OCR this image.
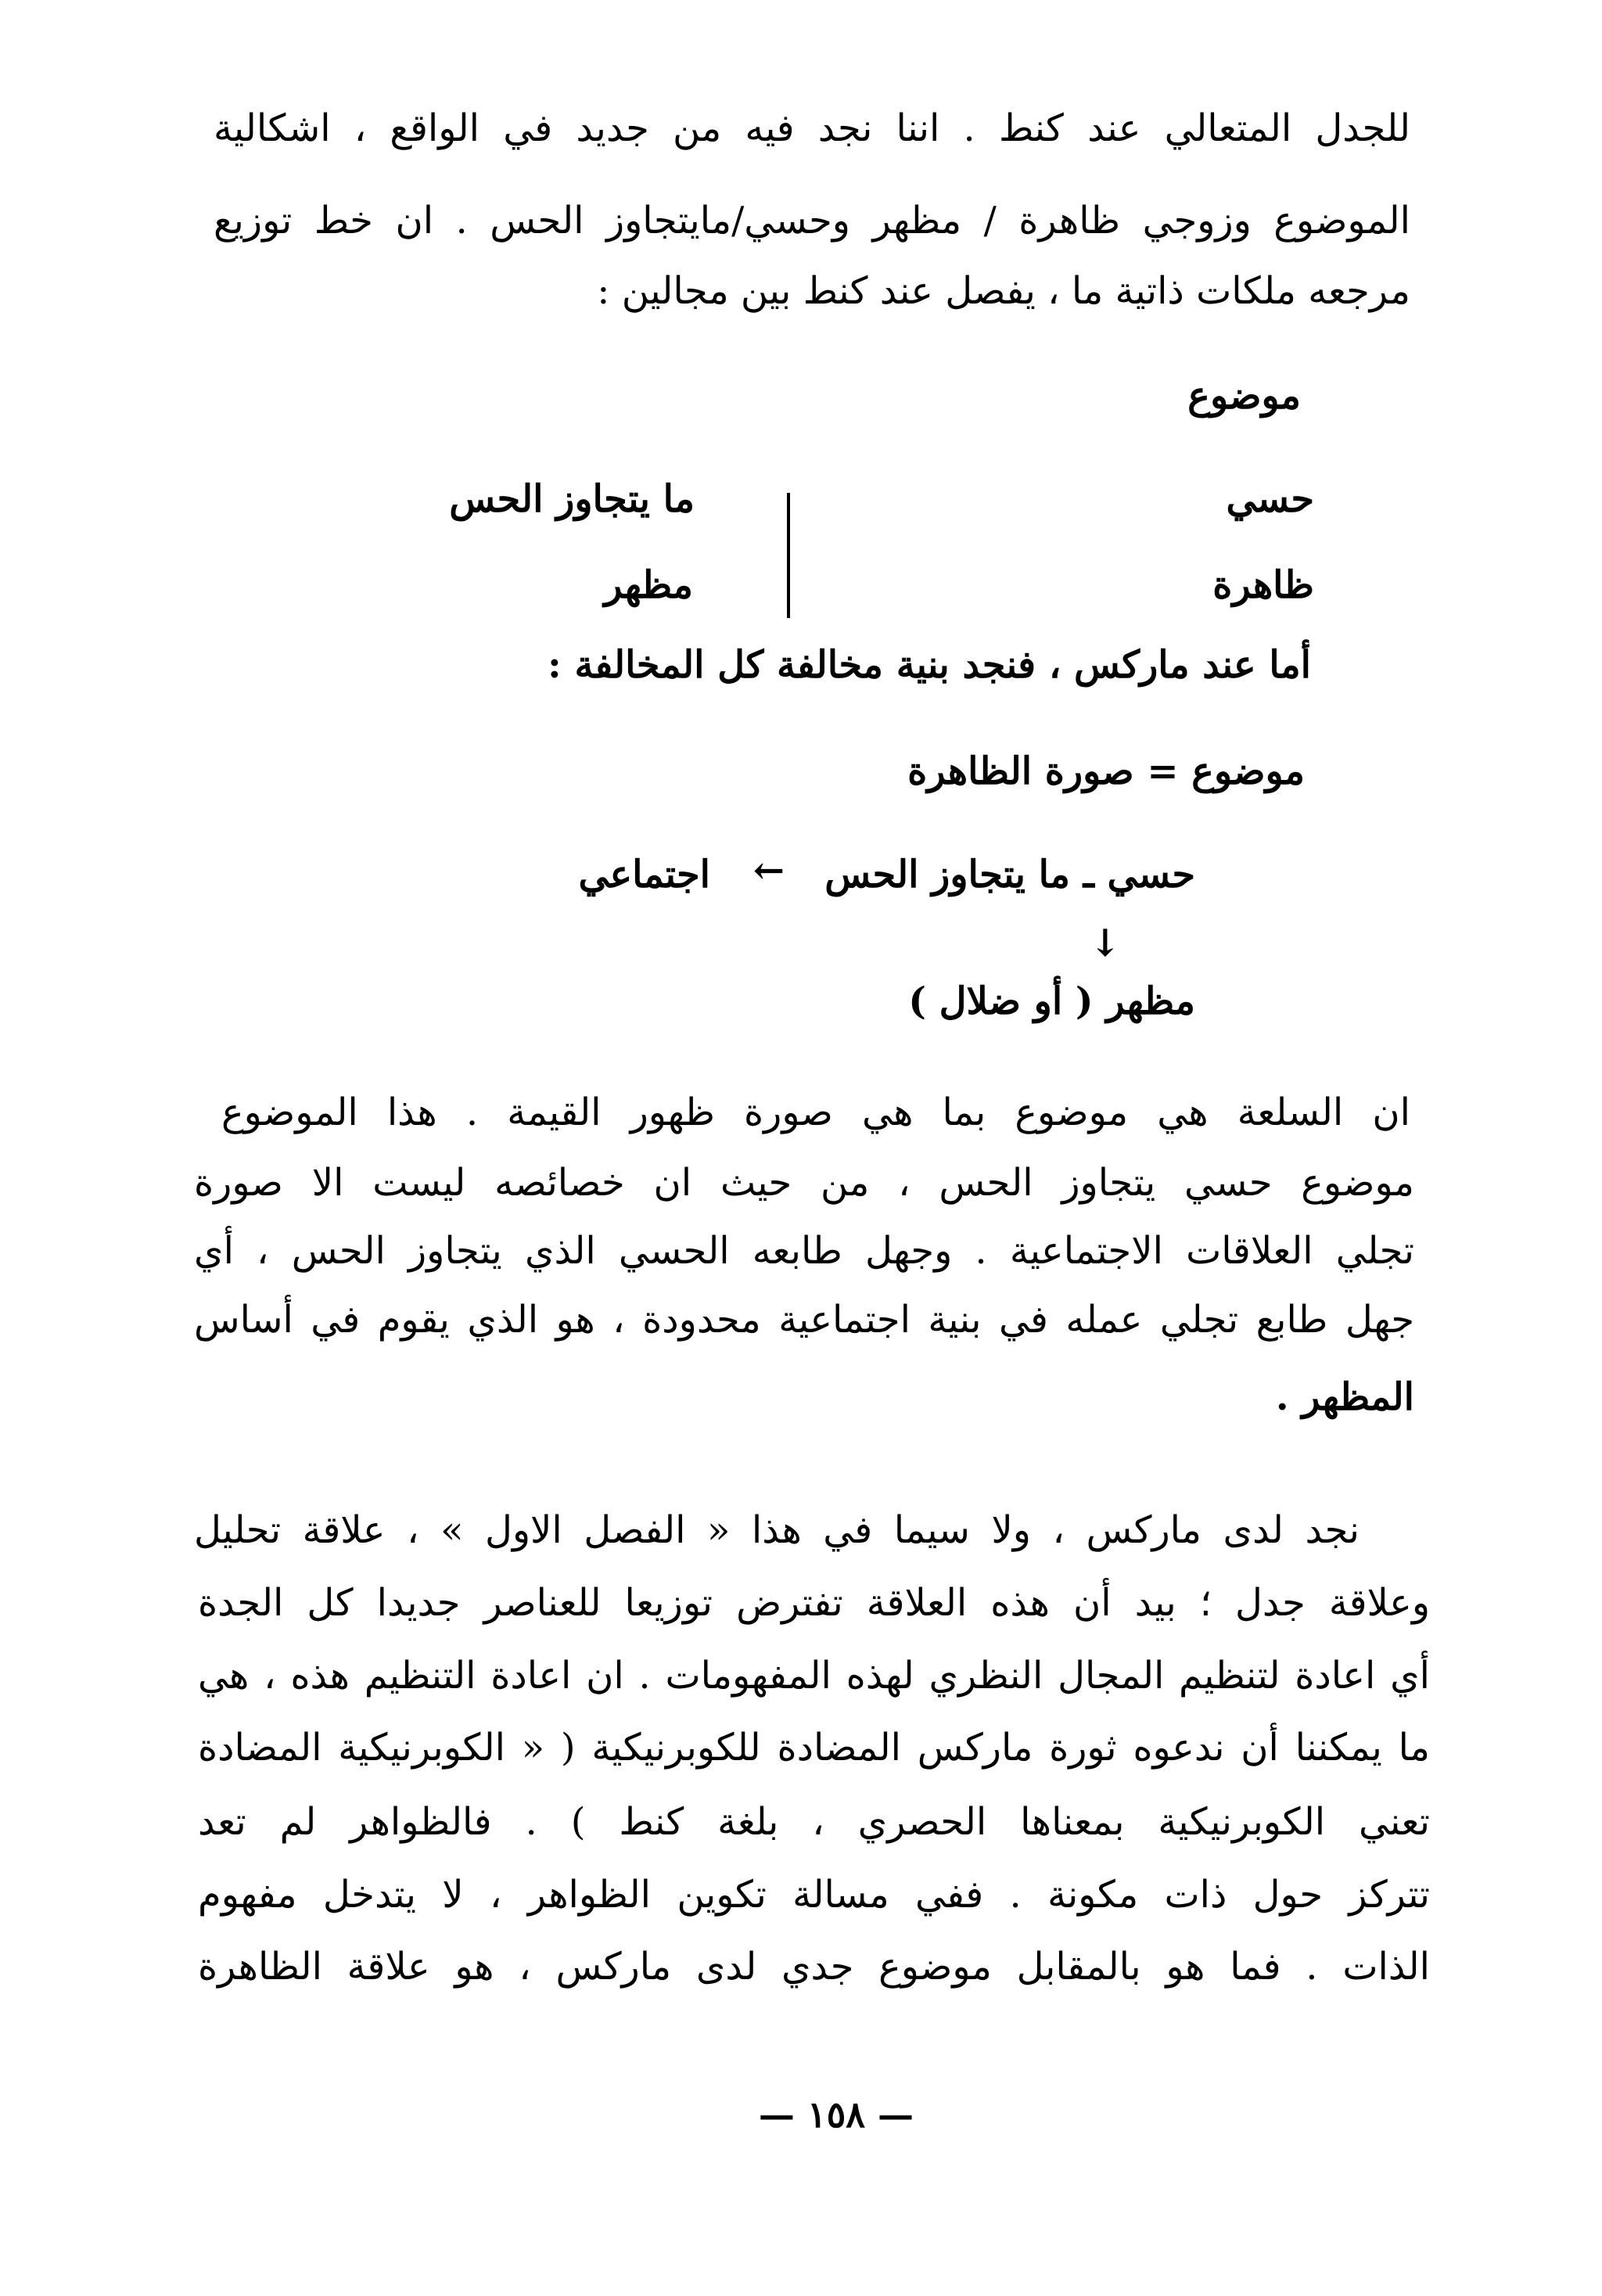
للجدل المتعالي عند كنط . اننا نجد فيه من جديد في الواقع ، اشكالية
الموضوع وزوجي ظاهرة / مظهر وحسي/مايتجاوز الحس . ان خط توزيع
مرجعه ملكات ذاتية ما ، يفصل عند كنط بين مجالين :
موضوع
حسي
ظاهرة
ما يتجاوز الحس
مظهر
أما عند ماركس ، فنجد بنية مخالفة كل المخالفة :
موضوع = صورة الظاهرة
حسي ـ ما يتجاوز الحس
←
اجتماعي
↓
مظهر ( أو ضلال )
ان السلعة هي موضوع بما هي صورة ظهور القيمة . هذا الموضوع
موضوع حسي يتجاوز الحس ، من حيث ان خصائصه ليست الا صورة
تجلي العلاقات الاجتماعية . وجهل طابعه الحسي الذي يتجاوز الحس ، أي
جهل طابع تجلي عمله في بنية اجتماعية محدودة ، هو الذي يقوم في أساس
المظهر .
نجد لدى ماركس ، ولا سيما في هذا « الفصل الاول » ، علاقة تحليل
وعلاقة جدل ؛ بيد أن هذه العلاقة تفترض توزيعا للعناصر جديدا كل الجدة
أي اعادة لتنظيم المجال النظري لهذه المفهومات . ان اعادة التنظيم هذه ، هي
ما يمكننا أن ندعوه ثورة ماركس المضادة للكوبرنيكية ( « الكوبرنيكية المضادة
تعني الكوبرنيكية بمعناها الحصري ، بلغة كنط ) . فالظواهر لم تعد
تتركز حول ذات مكونة . ففي مسالة تكوين الظواهر ، لا يتدخل مفهوم
الذات . فما هو بالمقابل موضوع جدي لدى ماركس ، هو علاقة الظاهرة
— ١٥٨ —
